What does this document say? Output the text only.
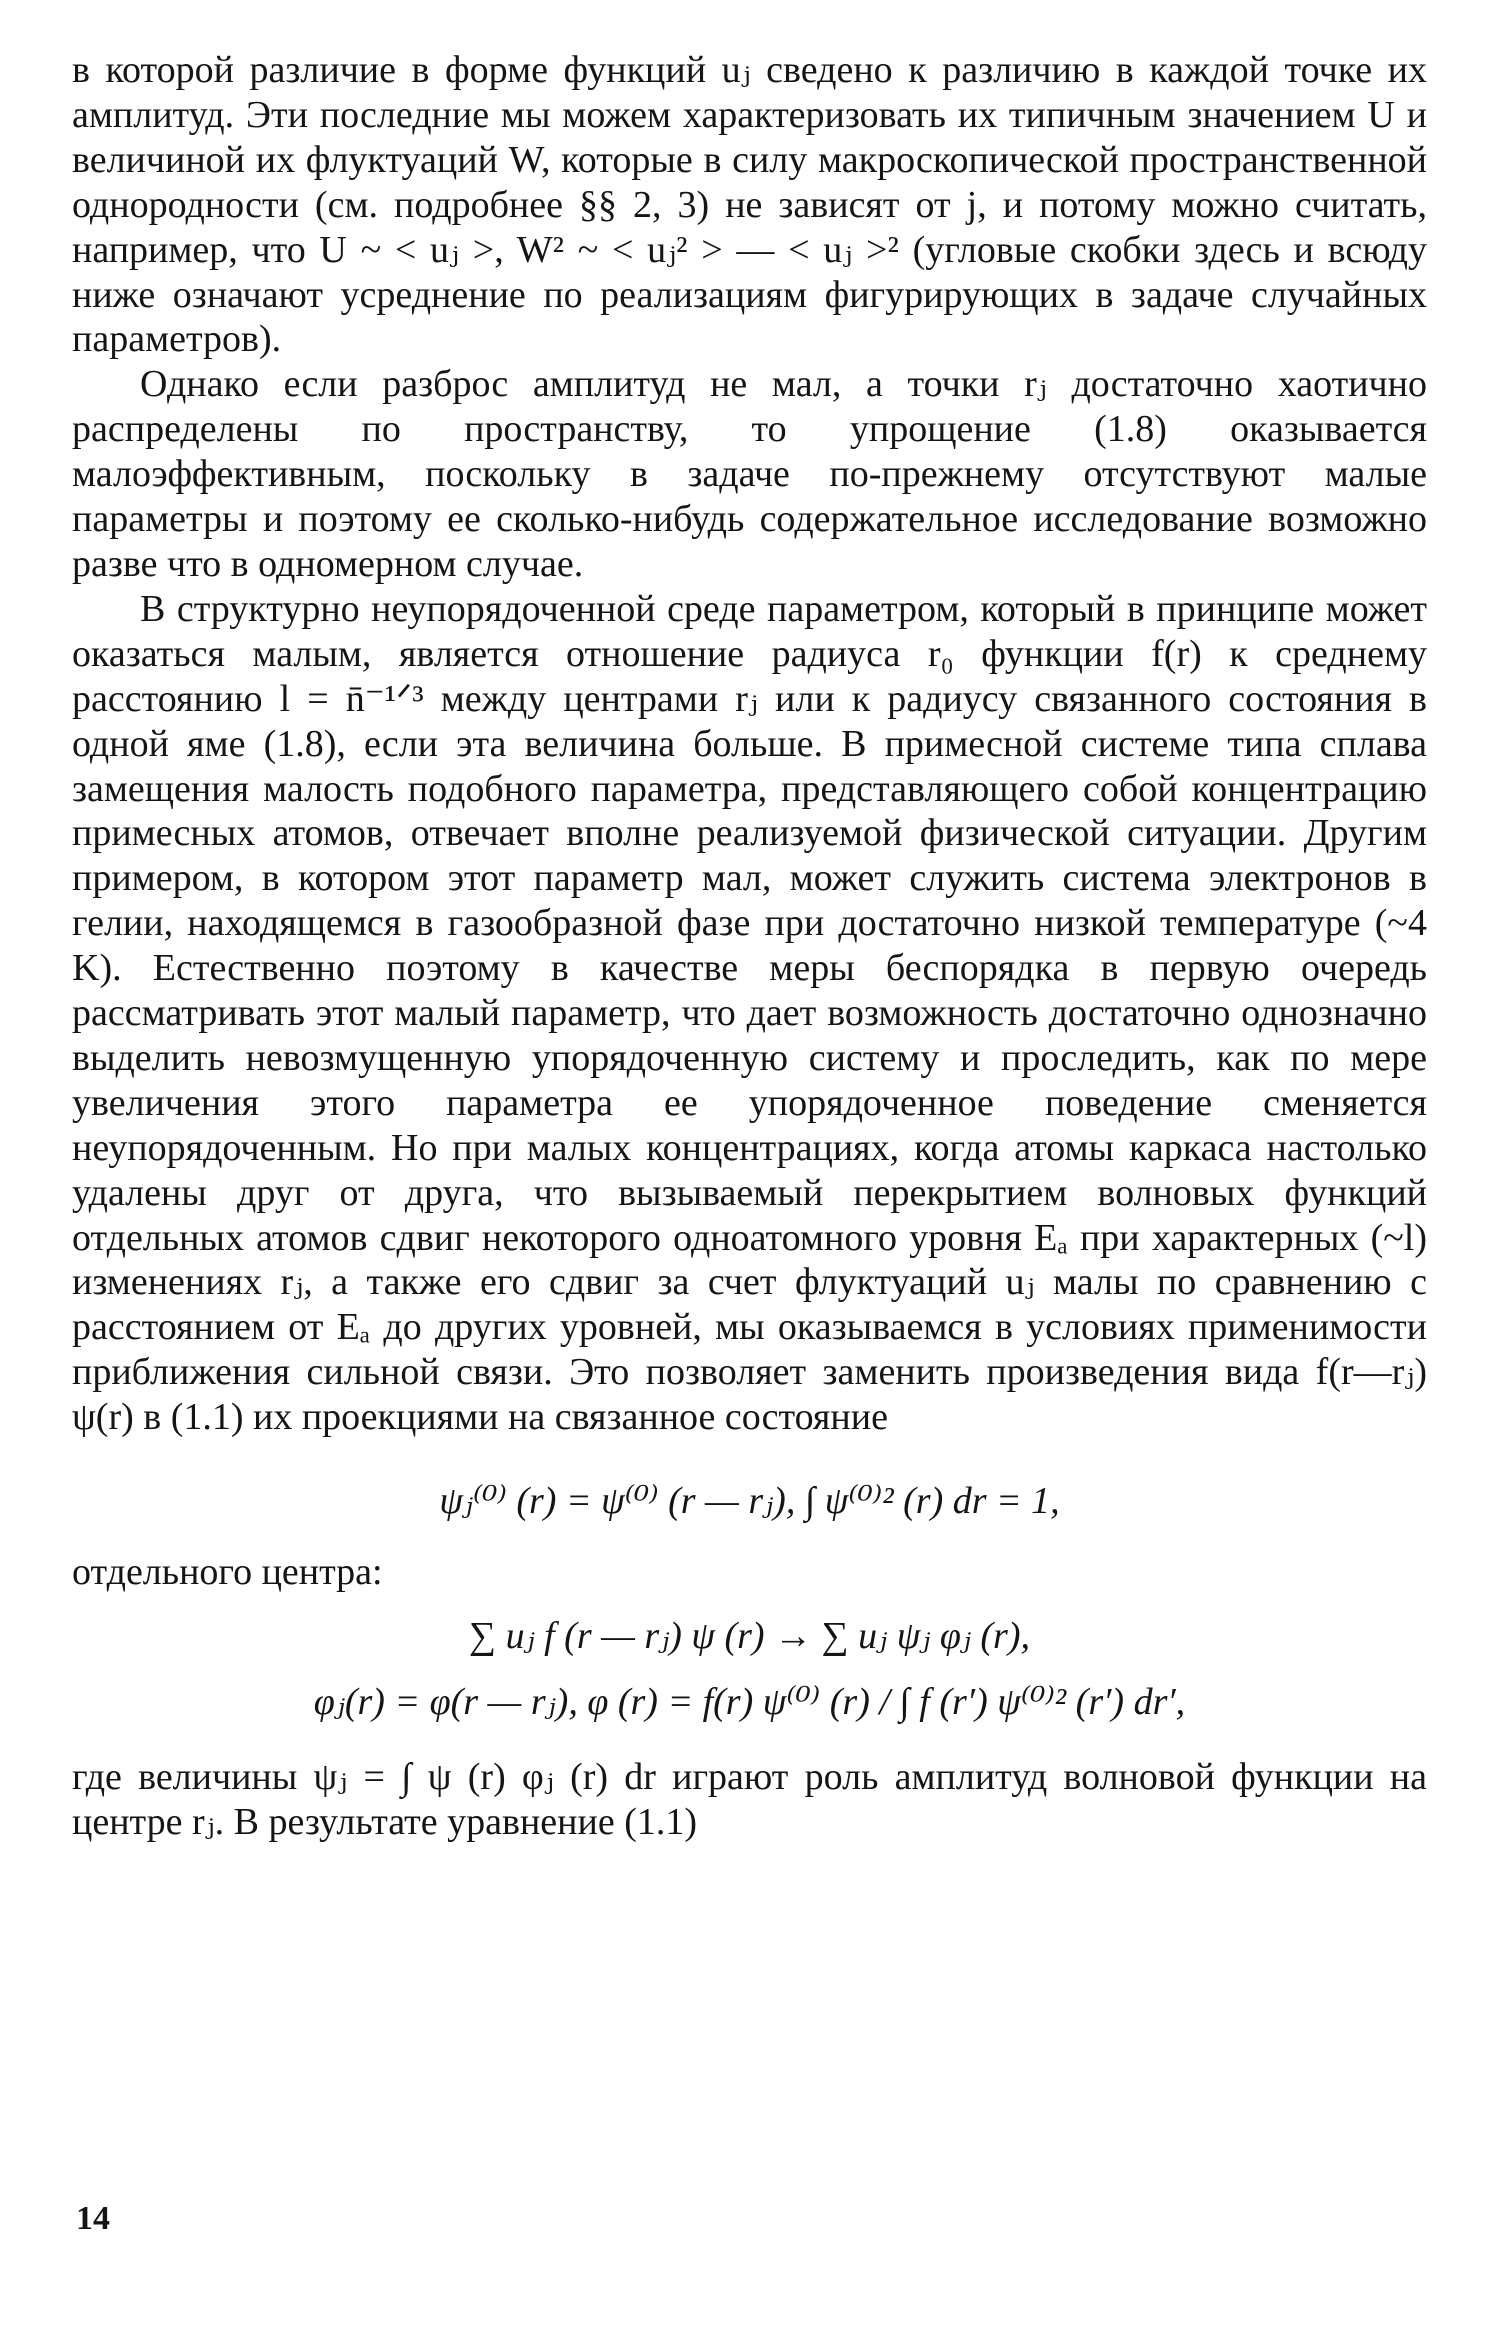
в которой различие в форме функций uⱼ сведено к различию в каждой точке их амплитуд. Эти последние мы можем характеризовать их типичным значением U и величиной их флуктуаций W, которые в силу макроскопической пространственной однородности (см. подробнее §§ 2, 3) не зависят от j, и потому можно считать, например, что U ~ < uⱼ >, W² ~ < uⱼ² > — < uⱼ >² (угловые скобки здесь и всюду ниже означают усреднение по реализациям фигурирующих в задаче случайных параметров).

Однако если разброс амплитуд не мал, а точки rⱼ достаточно хаотично распределены по пространству, то упрощение (1.8) оказывается малоэффективным, поскольку в задаче по-прежнему отсутствуют малые параметры и поэтому ее сколько-нибудь содержательное исследование возможно разве что в одномерном случае.

В структурно неупорядоченной среде параметром, который в принципе может оказаться малым, является отношение радиуса r₀ функции f(r) к среднему расстоянию l = n̄⁻¹ᐟ³ между центрами rⱼ или к радиусу связанного состояния в одной яме (1.8), если эта величина больше. В примесной системе типа сплава замещения малость подобного параметра, представляющего собой концентрацию примесных атомов, отвечает вполне реализуемой физической ситуации. Другим примером, в котором этот параметр мал, может служить система электронов в гелии, находящемся в газообразной фазе при достаточно низкой температуре (~4 K). Естественно поэтому в качестве меры беспорядка в первую очередь рассматривать этот малый параметр, что дает возможность достаточно однозначно выделить невозмущенную упорядоченную систему и проследить, как по мере увеличения этого параметра ее упорядоченное поведение сменяется неупорядоченным. Но при малых концентрациях, когда атомы каркаса настолько удалены друг от друга, что вызываемый перекрытием волновых функций отдельных атомов сдвиг некоторого одноатомного уровня Eₐ при характерных (~l) изменениях rⱼ, а также его сдвиг за счет флуктуаций uⱼ малы по сравнению с расстоянием от Eₐ до других уровней, мы оказываемся в условиях применимости приближения сильной связи. Это позволяет заменить произведения вида f(r—rⱼ) ψ(r) в (1.1) их проекциями на связанное состояние

ψⱼ⁽⁰⁾ (r) = ψ⁽⁰⁾ (r — rⱼ), ∫ ψ⁽⁰⁾² (r) dr = 1,

отдельного центра:

∑ uⱼ f (r — rⱼ) ψ (r) → ∑ uⱼ ψⱼ φⱼ (r),
φⱼ(r) = φ(r — rⱼ), φ (r) = f(r) ψ⁽⁰⁾ (r) / ∫ f (r′) ψ⁽⁰⁾² (r′) dr′,

где величины ψⱼ = ∫ ψ (r) φⱼ (r) dr играют роль амплитуд волновой функции на центре rⱼ. В результате уравнение (1.1)

14
